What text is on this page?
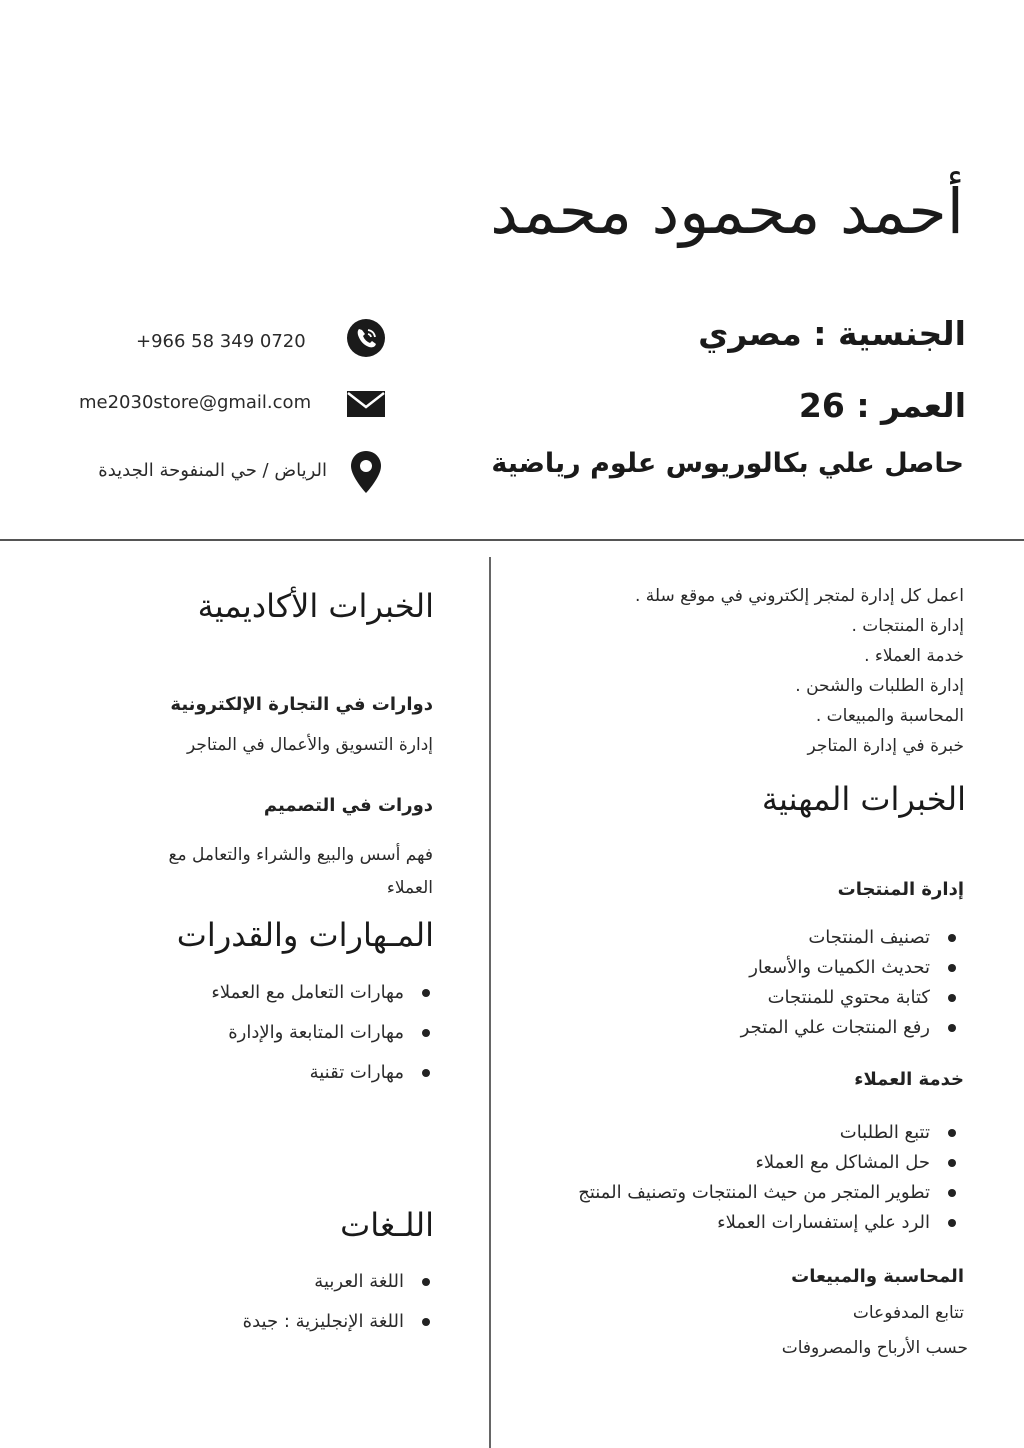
أحمد محمود محمد
الجنسية : مصري
العمر : 26
حاصل علي بكالوريوس علوم رياضية
+966 58 349 0720
me2030store@gmail.com
الرياض / حي المنفوحة الجديدة
اعمل كل إدارة لمتجر إلكتروني في موقع سلة .
إدارة المنتجات .
خدمة العملاء .
إدارة الطلبات والشحن .
المحاسبة والمبيعات .
خبرة في إدارة المتاجر
الخبرات المهنية
إدارة المنتجات
تصنيف المنتجات
تحديث الكميات والأسعار
كتابة محتوي للمنتجات
رفع المنتجات علي المتجر
خدمة العملاء
تتبع الطلبات
حل المشاكل مع العملاء
تطوير المتجر من حيث المنتجات وتصنيف المنتج
الرد علي إستفسارات العملاء
المحاسبة والمبيعات
تتابع المدفوعات
حسب الأرباح والمصروفات
الخبرات الأكاديمية
دوارات في التجارة الإلكترونية
إدارة التسويق والأعمال في المتاجر
دورات في التصميم
فهم أسس والبيع والشراء والتعامل مع
العملاء
المـهارات والقدرات
مهارات التعامل مع العملاء
مهارات المتابعة والإدارة
مهارات تقنية
اللـغات
اللغة العربية
اللغة الإنجليزية : جيدة
